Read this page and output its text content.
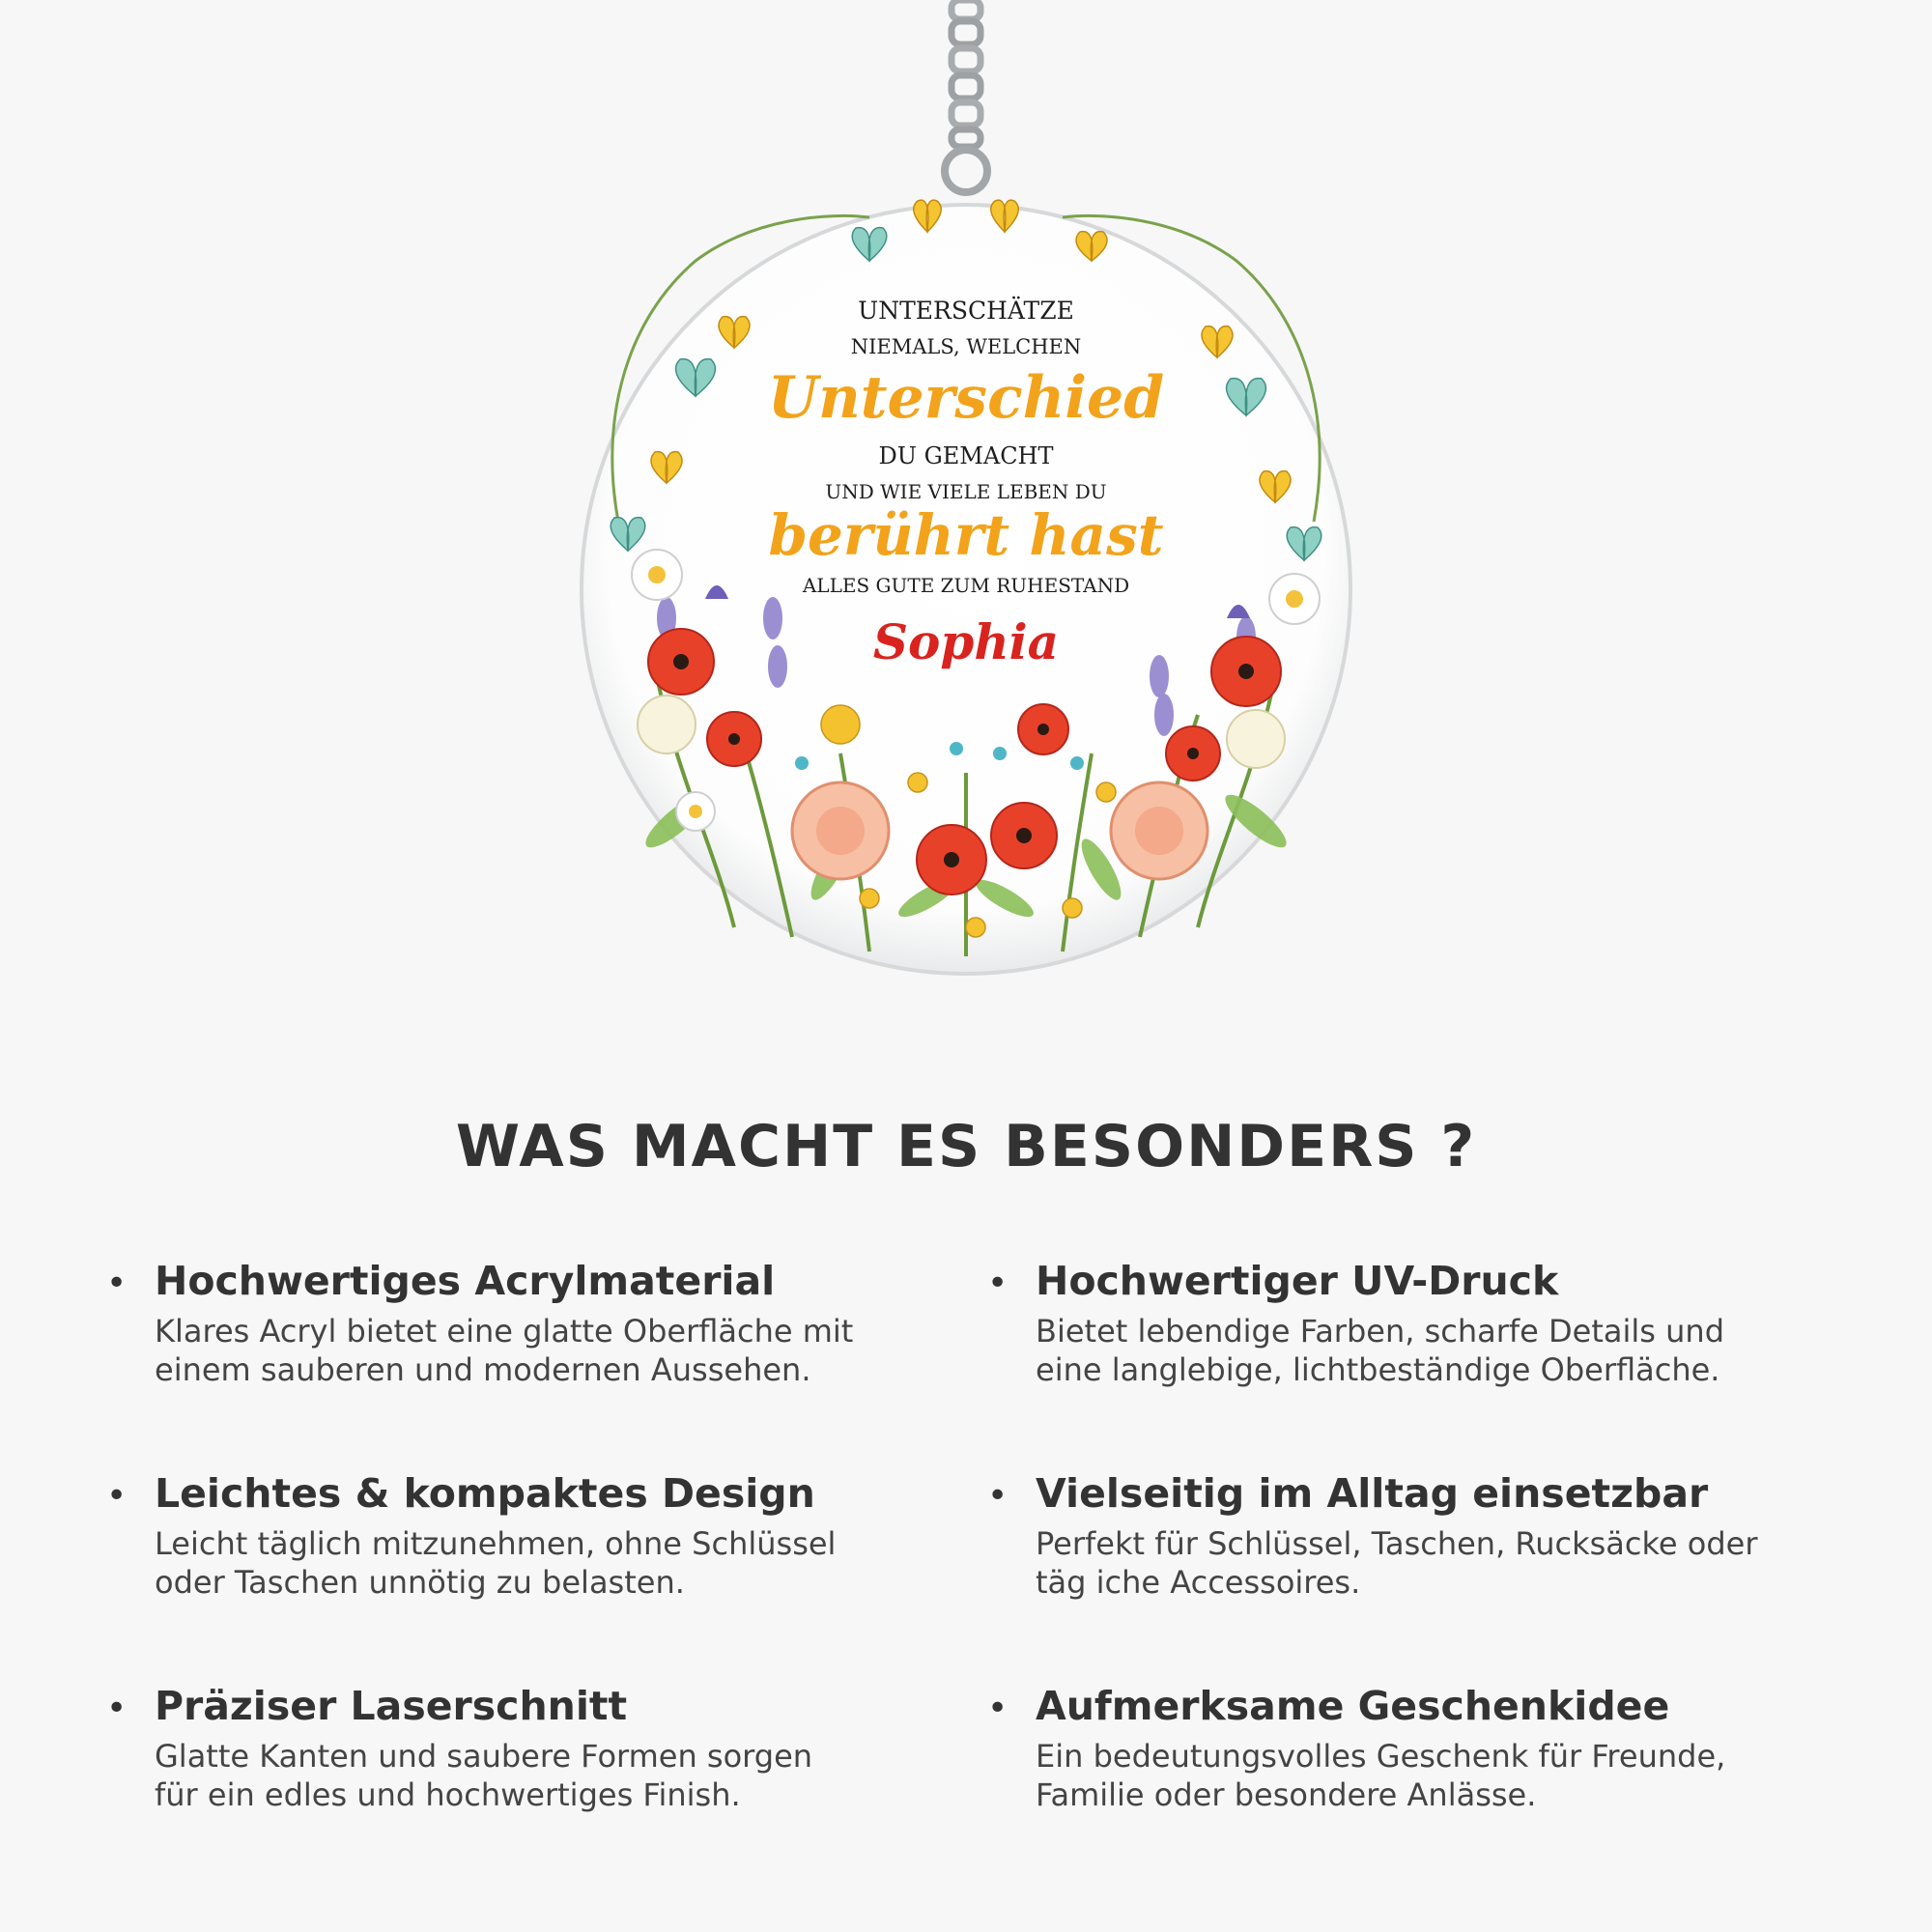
UNTERSCHÄTZE
NIEMALS, WELCHEN
Unterschied
DU GEMACHT
UND WIE VIELE LEBEN DU
berührt hast
ALLES GUTE ZUM RUHESTAND
Sophia
WAS MACHT ES BESONDERS ?
• Hochwertiges Acrylmaterial

Klares Acryl bietet eine glatte Oberfläche mit
einem sauberen und modernen Aussehen.

• Hochwertiger UV-Druck

Bietet lebendige Farben, scharfe Details und
eine langlebige, lichtbeständige Oberfläche.

• Leichtes & kompaktes Design

Leicht täglich mitzunehmen, ohne Schlüssel
oder Taschen unnötig zu belasten.

• Vielseitig im Alltag einsetzbar

Perfekt für Schlüssel, Taschen, Rucksäcke oder
täg iche Accessoires.

• Präziser Laserschnitt

Glatte Kanten und saubere Formen sorgen
für ein edles und hochwertiges Finish.

• Aufmerksame Geschenkidee

Ein bedeutungsvolles Geschenk für Freunde,
Familie oder besondere Anlässe.
